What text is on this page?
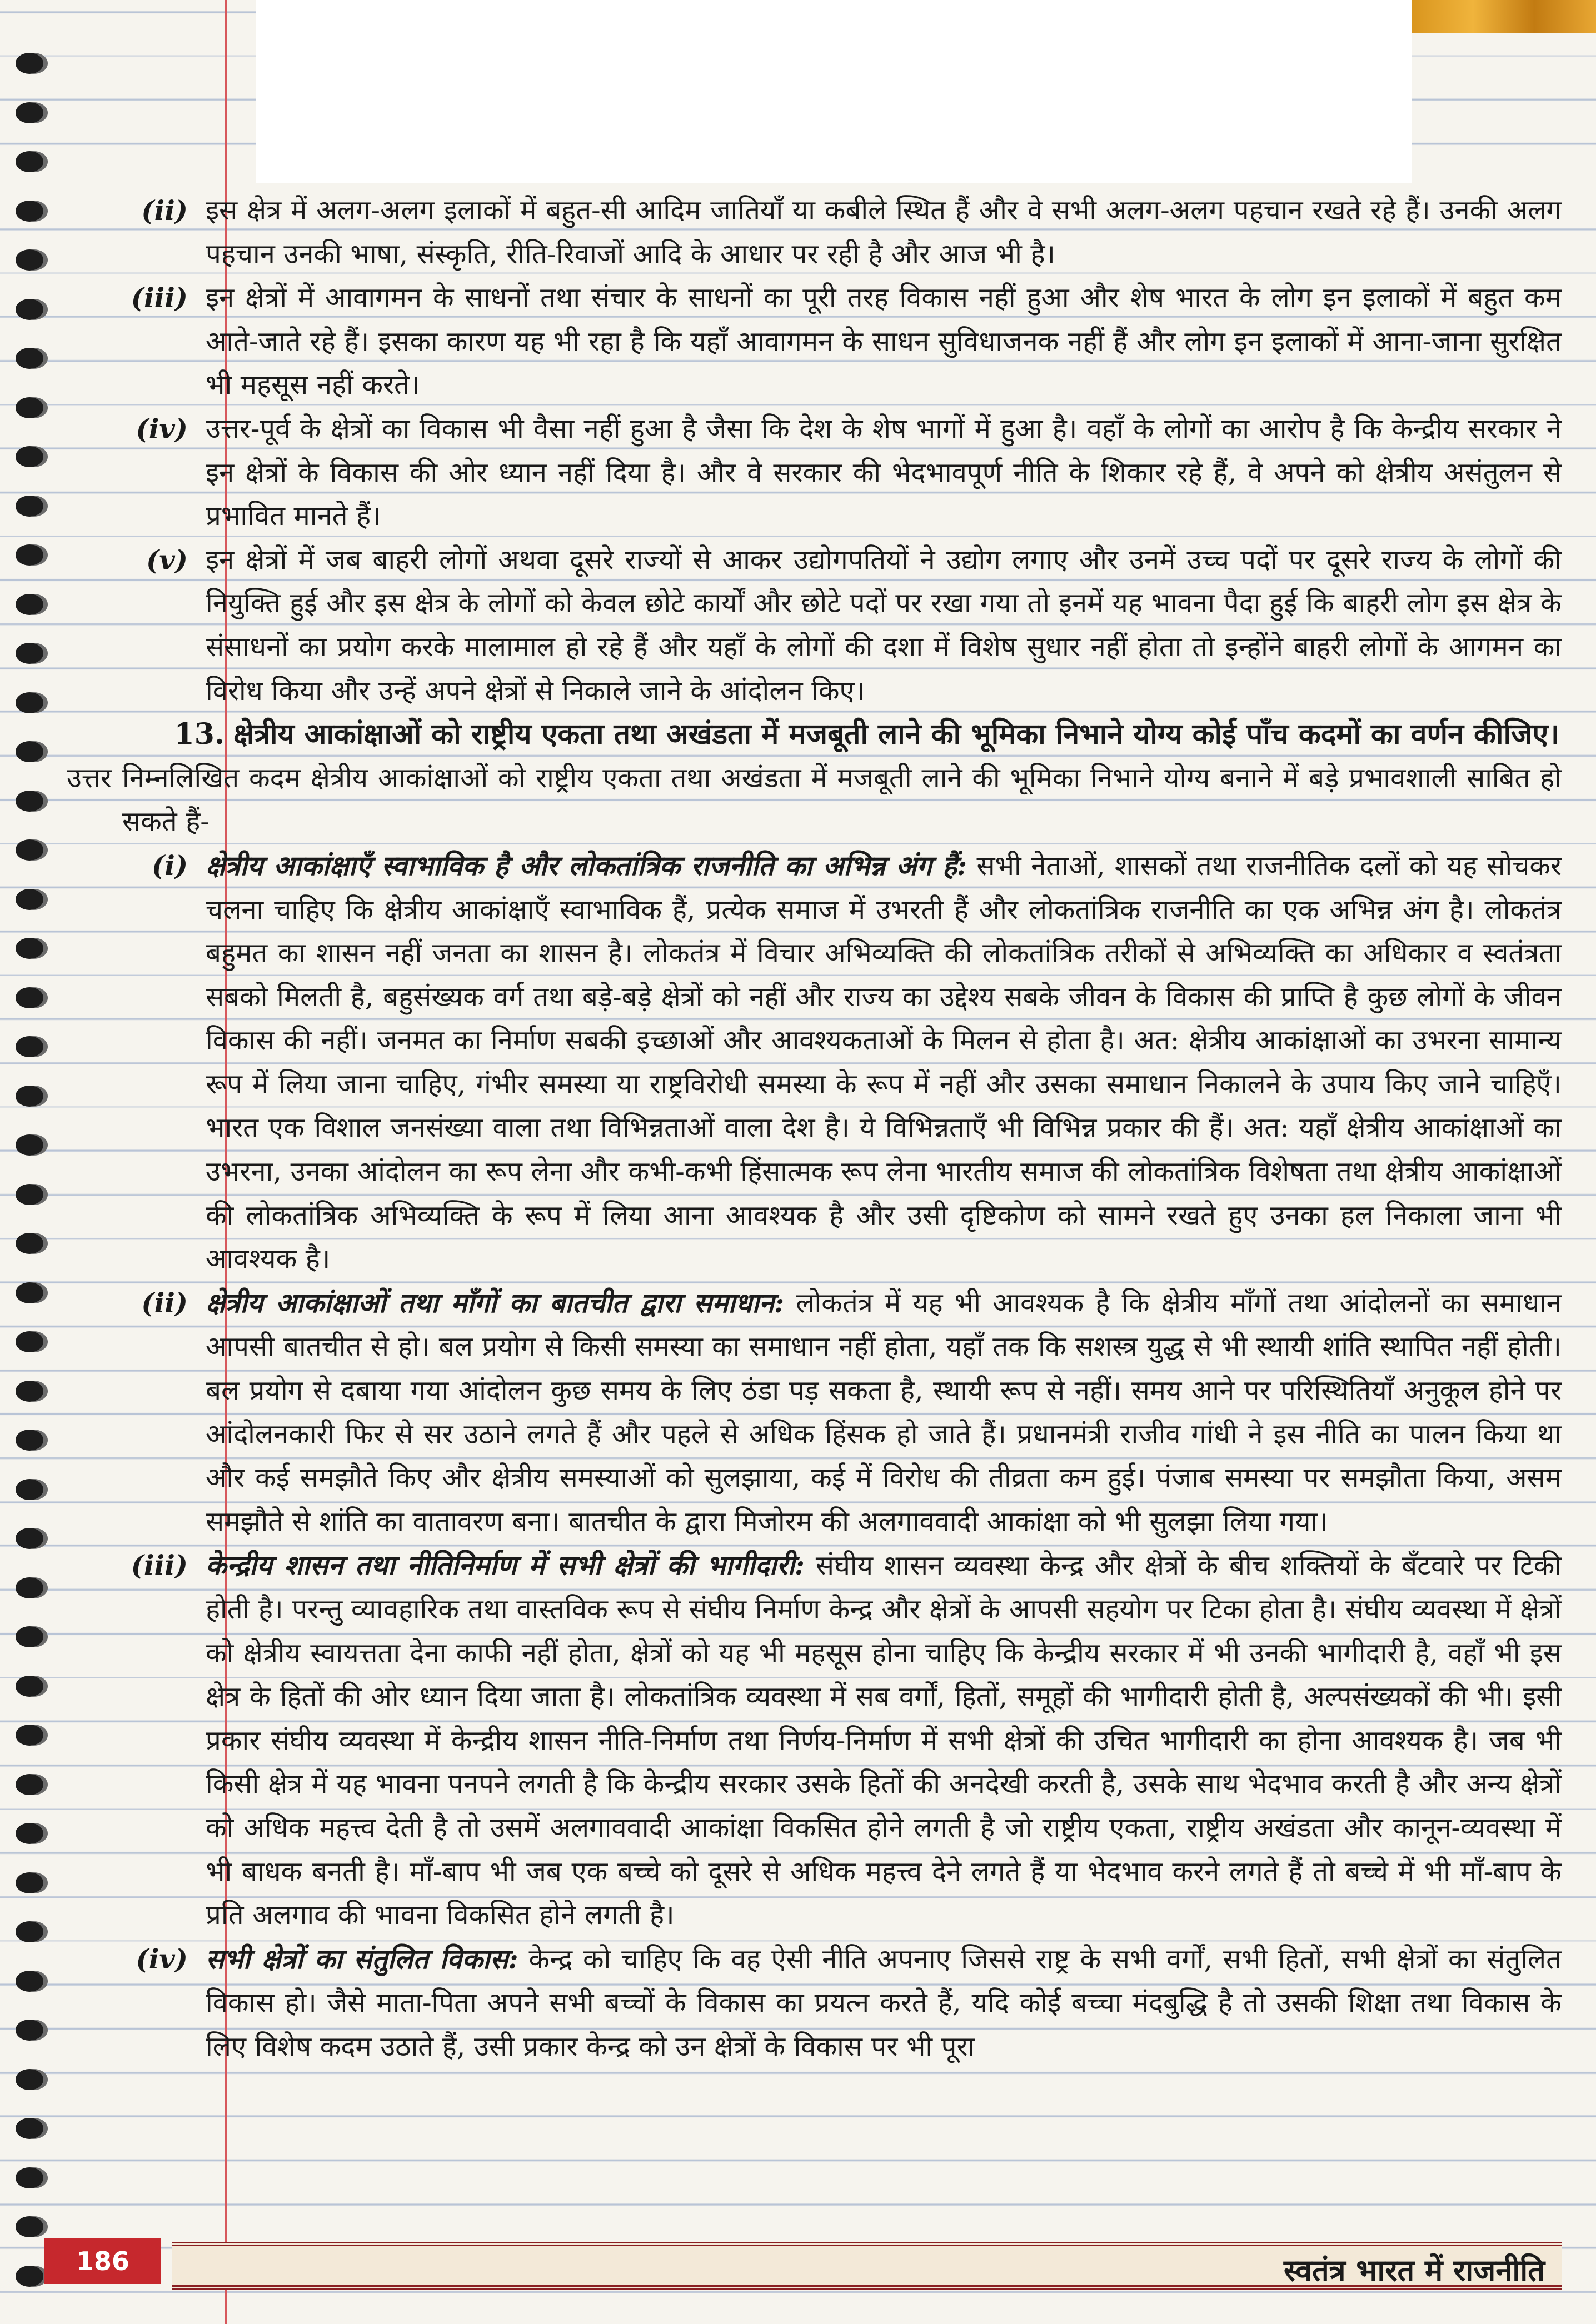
(ii) इस क्षेत्र में अलग-अलग इलाकों में बहुत-सी आदिम जातियाँ या कबीले स्थित हैं और वे सभी अलग-अलग पहचान रखते रहे हैं। उनकी अलग पहचान उनकी भाषा, संस्कृति, रीति-रिवाजों आदि के आधार पर रही है और आज भी है।
(iii) इन क्षेत्रों में आवागमन के साधनों तथा संचार के साधनों का पूरी तरह विकास नहीं हुआ और शेष भारत के लोग इन इलाकों में बहुत कम आते-जाते रहे हैं। इसका कारण यह भी रहा है कि यहाँ आवागमन के साधन सुविधाजनक नहीं हैं और लोग इन इलाकों में आना-जाना सुरक्षित भी महसूस नहीं करते।
(iv) उत्तर-पूर्व के क्षेत्रों का विकास भी वैसा नहीं हुआ है जैसा कि देश के शेष भागों में हुआ है। वहाँ के लोगों का आरोप है कि केन्द्रीय सरकार ने इन क्षेत्रों के विकास की ओर ध्यान नहीं दिया है। और वे सरकार की भेदभावपूर्ण नीति के शिकार रहे हैं, वे अपने को क्षेत्रीय असंतुलन से प्रभावित मानते हैं।
(v) इन क्षेत्रों में जब बाहरी लोगों अथवा दूसरे राज्यों से आकर उद्योगपतियों ने उद्योग लगाए और उनमें उच्च पदों पर दूसरे राज्य के लोगों की नियुक्ति हुई और इस क्षेत्र के लोगों को केवल छोटे कार्यों और छोटे पदों पर रखा गया तो इनमें यह भावना पैदा हुई कि बाहरी लोग इस क्षेत्र के संसाधनों का प्रयोग करके मालामाल हो रहे हैं और यहाँ के लोगों की दशा में विशेष सुधार नहीं होता तो इन्होंने बाहरी लोगों के आगमन का विरोध किया और उन्हें अपने क्षेत्रों से निकाले जाने के आंदोलन किए।
13. क्षेत्रीय आकांक्षाओं को राष्ट्रीय एकता तथा अखंडता में मजबूती लाने की भूमिका निभाने योग्य कोई पाँच कदमों का वर्णन कीजिए।
उत्तर निम्नलिखित कदम क्षेत्रीय आकांक्षाओं को राष्ट्रीय एकता तथा अखंडता में मजबूती लाने की भूमिका निभाने योग्य बनाने में बड़े प्रभावशाली साबित हो सकते हैं-
(i) क्षेत्रीय आकांक्षाएँ स्वाभाविक है और लोकतांत्रिक राजनीति का अभिन्न अंग हैं: सभी नेताओं, शासकों तथा राजनीतिक दलों को यह सोचकर चलना चाहिए कि क्षेत्रीय आकांक्षाएँ स्वाभाविक हैं, प्रत्येक समाज में उभरती हैं और लोकतांत्रिक राजनीति का एक अभिन्न अंग है। लोकतंत्र बहुमत का शासन नहीं जनता का शासन है। लोकतंत्र में विचार अभिव्यक्ति की लोकतांत्रिक तरीकों से अभिव्यक्ति का अधिकार व स्वतंत्रता सबको मिलती है, बहुसंख्यक वर्ग तथा बड़े-बड़े क्षेत्रों को नहीं और राज्य का उद्देश्य सबके जीवन के विकास की प्राप्ति है कुछ लोगों के जीवन विकास की नहीं। जनमत का निर्माण सबकी इच्छाओं और आवश्यकताओं के मिलन से होता है। अत: क्षेत्रीय आकांक्षाओं का उभरना सामान्य रूप में लिया जाना चाहिए, गंभीर समस्या या राष्ट्रविरोधी समस्या के रूप में नहीं और उसका समाधान निकालने के उपाय किए जाने चाहिएँ। भारत एक विशाल जनसंख्या वाला तथा विभिन्नताओं वाला देश है। ये विभिन्नताएँ भी विभिन्न प्रकार की हैं। अत: यहाँ क्षेत्रीय आकांक्षाओं का उभरना, उनका आंदोलन का रूप लेना और कभी-कभी हिंसात्मक रूप लेना भारतीय समाज की लोकतांत्रिक विशेषता तथा क्षेत्रीय आकांक्षाओं की लोकतांत्रिक अभिव्यक्ति के रूप में लिया आना आवश्यक है और उसी दृष्टिकोण को सामने रखते हुए उनका हल निकाला जाना भी आवश्यक है।
(ii) क्षेत्रीय आकांक्षाओं तथा माँगों का बातचीत द्वारा समाधान: लोकतंत्र में यह भी आवश्यक है कि क्षेत्रीय माँगों तथा आंदोलनों का समाधान आपसी बातचीत से हो। बल प्रयोग से किसी समस्या का समाधान नहीं होता, यहाँ तक कि सशस्त्र युद्ध से भी स्थायी शांति स्थापित नहीं होती। बल प्रयोग से दबाया गया आंदोलन कुछ समय के लिए ठंडा पड़ सकता है, स्थायी रूप से नहीं। समय आने पर परिस्थितियाँ अनुकूल होने पर आंदोलनकारी फिर से सर उठाने लगते हैं और पहले से अधिक हिंसक हो जाते हैं। प्रधानमंत्री राजीव गांधी ने इस नीति का पालन किया था और कई समझौते किए और क्षेत्रीय समस्याओं को सुलझाया, कई में विरोध की तीव्रता कम हुई। पंजाब समस्या पर समझौता किया, असम समझौते से शांति का वातावरण बना। बातचीत के द्वारा मिजोरम की अलगाववादी आकांक्षा को भी सुलझा लिया गया।
(iii) केन्द्रीय शासन तथा नीतिनिर्माण में सभी क्षेत्रों की भागीदारी: संघीय शासन व्यवस्था केन्द्र और क्षेत्रों के बीच शक्तियों के बँटवारे पर टिकी होती है। परन्तु व्यावहारिक तथा वास्तविक रूप से संघीय निर्माण केन्द्र और क्षेत्रों के आपसी सहयोग पर टिका होता है। संघीय व्यवस्था में क्षेत्रों को क्षेत्रीय स्वायत्तता देना काफी नहीं होता, क्षेत्रों को यह भी महसूस होना चाहिए कि केन्द्रीय सरकार में भी उनकी भागीदारी है, वहाँ भी इस क्षेत्र के हितों की ओर ध्यान दिया जाता है। लोकतांत्रिक व्यवस्था में सब वर्गों, हितों, समूहों की भागीदारी होती है, अल्पसंख्यकों की भी। इसी प्रकार संघीय व्यवस्था में केन्द्रीय शासन नीति-निर्माण तथा निर्णय-निर्माण में सभी क्षेत्रों की उचित भागीदारी का होना आवश्यक है। जब भी किसी क्षेत्र में यह भावना पनपने लगती है कि केन्द्रीय सरकार उसके हितों की अनदेखी करती है, उसके साथ भेदभाव करती है और अन्य क्षेत्रों को अधिक महत्त्व देती है तो उसमें अलगाववादी आकांक्षा विकसित होने लगती है जो राष्ट्रीय एकता, राष्ट्रीय अखंडता और कानून-व्यवस्था में भी बाधक बनती है। माँ-बाप भी जब एक बच्चे को दूसरे से अधिक महत्त्व देने लगते हैं या भेदभाव करने लगते हैं तो बच्चे में भी माँ-बाप के प्रति अलगाव की भावना विकसित होने लगती है।
(iv) सभी क्षेत्रों का संतुलित विकास: केन्द्र को चाहिए कि वह ऐसी नीति अपनाए जिससे राष्ट्र के सभी वर्गों, सभी हितों, सभी क्षेत्रों का संतुलित विकास हो। जैसे माता-पिता अपने सभी बच्चों के विकास का प्रयत्न करते हैं, यदि कोई बच्चा मंदबुद्धि है तो उसकी शिक्षा तथा विकास के लिए विशेष कदम उठाते हैं, उसी प्रकार केन्द्र को उन क्षेत्रों के विकास पर भी पूरा
186	स्वतंत्र भारत में राजनीति
